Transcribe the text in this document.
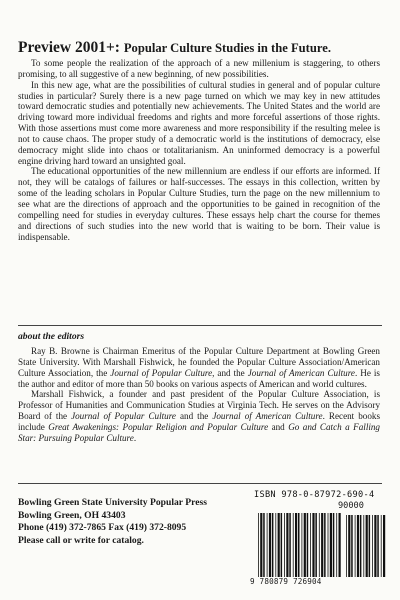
Preview 2001+: Popular Culture Studies in the Future.

To some people the realization of the approach of a new millenium is staggering, to others promising, to all suggestive of a new beginning, of new possibilities.

In this new age, what are the possibilities of cultural studies in general and of popular culture studies in particular? Surely there is a new page turned on which we may key in new attitudes toward democratic studies and potentially new achievements. The United States and the world are driving toward more individual freedoms and rights and more forceful assertions of those rights. With those assertions must come more awareness and more responsibility if the resulting melee is not to cause chaos. The proper study of a democratic world is the institutions of democracy, else democracy might slide into chaos or totalitarianism. An uninformed democracy is a powerful engine driving hard toward an unsighted goal.

The educational opportunities of the new millennium are endless if our efforts are informed. If not, they will be catalogs of failures or half-successes. The essays in this collection, written by some of the leading scholars in Popular Culture Studies, turn the page on the new millennium to see what are the directions of approach and the opportunities to be gained in recognition of the compelling need for studies in everyday cultures. These essays help chart the course for themes and directions of such studies into the new world that is waiting to be born. Their value is indispensable.

about the editors

Ray B. Browne is Chairman Emeritus of the Popular Culture Department at Bowling Green State University. With Marshall Fishwick, he founded the Popular Culture Association/American Culture Association, the Journal of Popular Culture, and the Journal of American Culture. He is the author and editor of more than 50 books on various aspects of American and world cultures.

Marshall Fishwick, a founder and past president of the Popular Culture Association, is Professor of Humanities and Communication Studies at Virginia Tech. He serves on the Advisory Board of the Journal of Popular Culture and the Journal of American Culture. Recent books include Great Awakenings: Popular Religion and Popular Culture and Go and Catch a Falling Star: Pursuing Popular Culture.

Bowling Green State University Popular Press
Bowling Green, OH 43403
Phone (419) 372-7865 Fax (419) 372-8095
Please call or write for catalog.
ISBN 978-0-87972-690-4
90000
9 780879 726904
